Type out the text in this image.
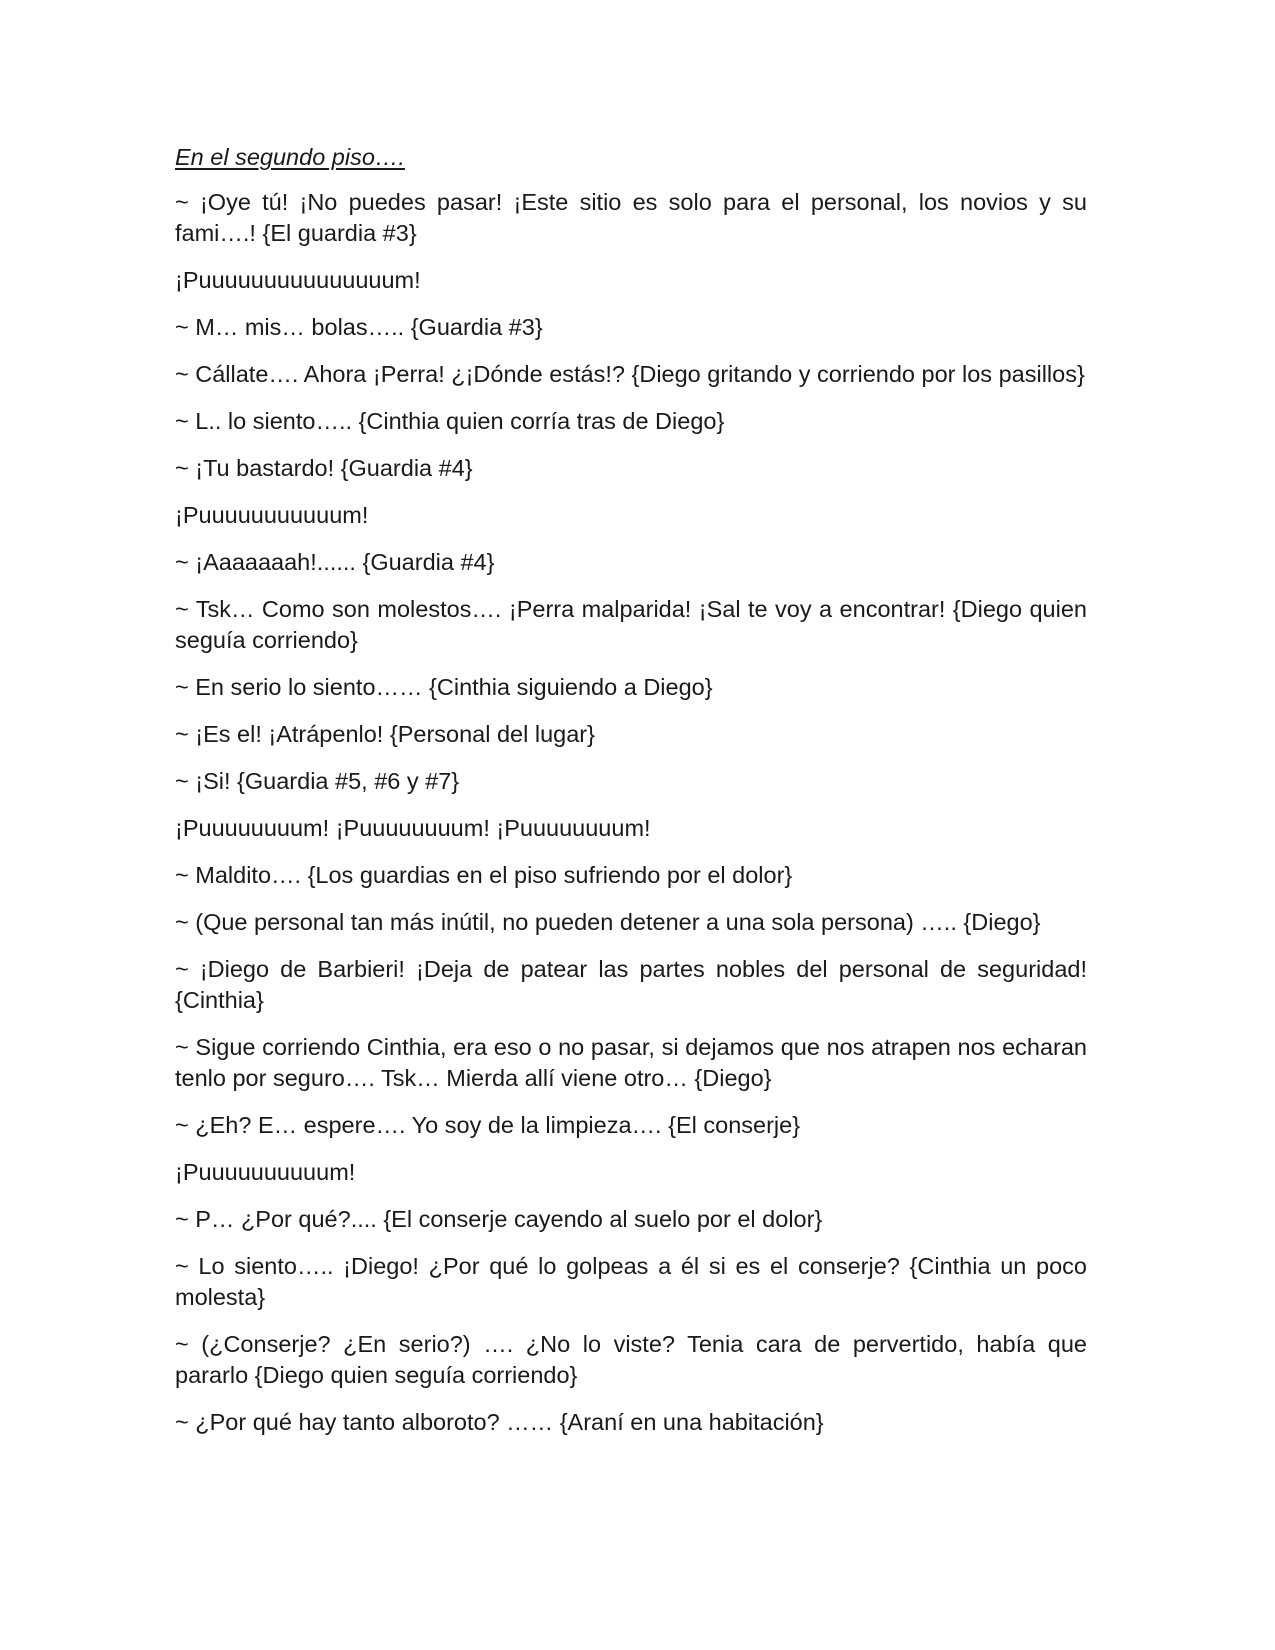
En el segundo piso….

~ ¡Oye tú! ¡No puedes pasar! ¡Este sitio es solo para el personal, los novios y su fami….! {El guardia #3}

¡Puuuuuuuuuuuuuuum!

~ M… mis… bolas….. {Guardia #3}

~ Cállate…. Ahora ¡Perra! ¿¡Dónde estás!? {Diego gritando y corriendo por los pasillos}

~ L.. lo siento….. {Cinthia quien corría tras de Diego}

~ ¡Tu bastardo! {Guardia #4}

¡Puuuuuuuuuuum!

~ ¡Aaaaaaah!...... {Guardia #4}

~ Tsk… Como son molestos…. ¡Perra malparida! ¡Sal te voy a encontrar! {Diego quien seguía corriendo}

~ En serio lo siento…… {Cinthia siguiendo a Diego}

~ ¡Es el! ¡Atrápenlo! {Personal del lugar}

~ ¡Si! {Guardia #5, #6 y #7}

¡Puuuuuuuum! ¡Puuuuuuuum! ¡Puuuuuuuum!

~ Maldito…. {Los guardias en el piso sufriendo por el dolor}

~ (Que personal tan más inútil, no pueden detener a una sola persona) ….. {Diego}

~ ¡Diego de Barbieri! ¡Deja de patear las partes nobles del personal de seguridad! {Cinthia}

~ Sigue corriendo Cinthia, era eso o no pasar, si dejamos que nos atrapen nos echaran tenlo por seguro…. Tsk… Mierda allí viene otro… {Diego}

~ ¿Eh? E… espere…. Yo soy de la limpieza…. {El conserje}

¡Puuuuuuuuuum!

~ P… ¿Por qué?.... {El conserje cayendo al suelo por el dolor}

~ Lo siento….. ¡Diego! ¿Por qué lo golpeas a él si es el conserje? {Cinthia un poco molesta}

~ (¿Conserje? ¿En serio?) …. ¿No lo viste? Tenia cara de pervertido, había que pararlo {Diego quien seguía corriendo}

~ ¿Por qué hay tanto alboroto? …… {Araní en una habitación}
